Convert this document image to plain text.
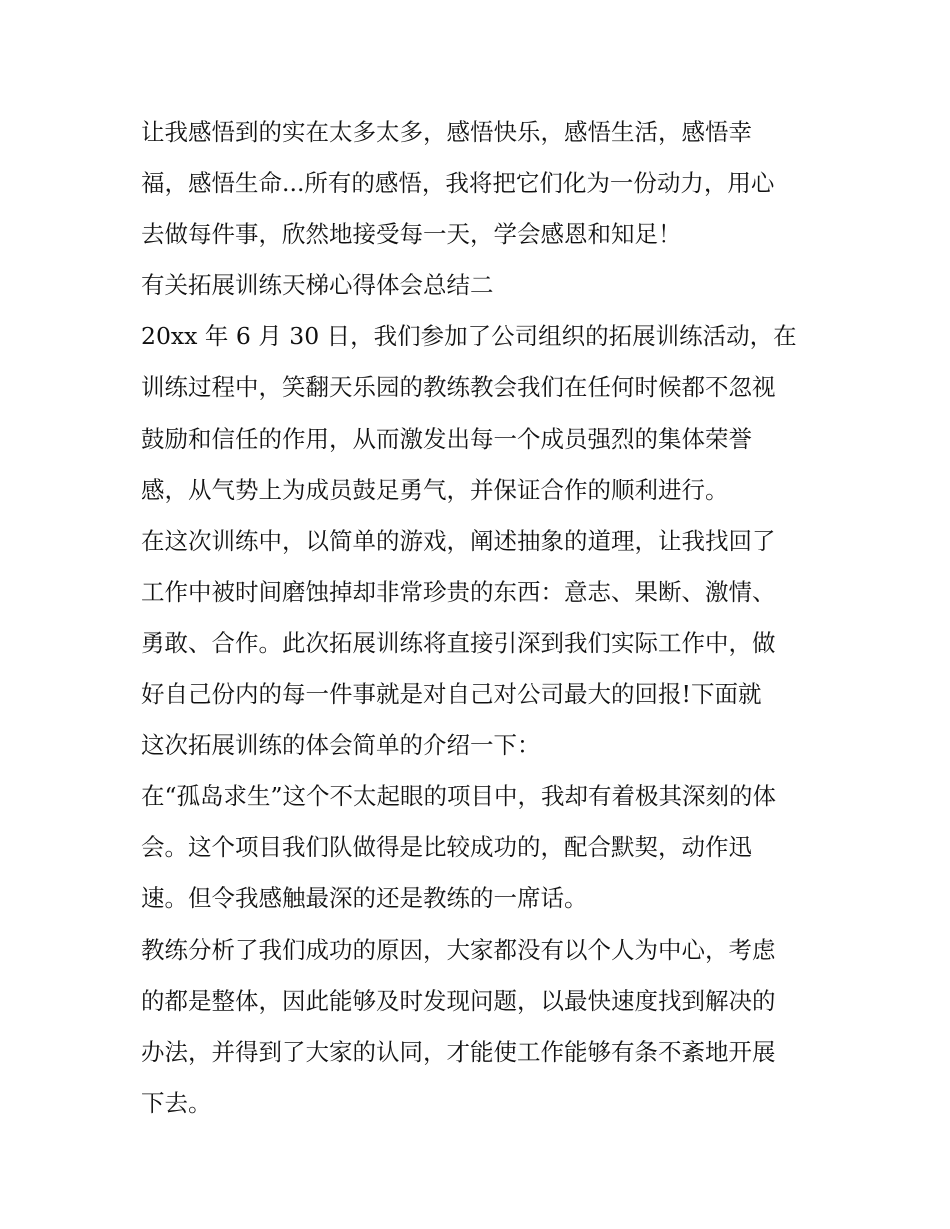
让我感悟到的实在太多太多，感悟快乐，感悟生活，感悟幸
福，感悟生命...所有的感悟，我将把它们化为一份动力，用心
去做每件事，欣然地接受每一天，学会感恩和知足！
有关拓展训练天梯心得体会总结二
20xx 年 6 月 30 日，我们参加了公司组织的拓展训练活动，在
训练过程中，笑翻天乐园的教练教会我们在任何时候都不忽视
鼓励和信任的作用，从而激发出每一个成员强烈的集体荣誉
感，从气势上为成员鼓足勇气，并保证合作的顺利进行。
在这次训练中，以简单的游戏，阐述抽象的道理，让我找回了
工作中被时间磨蚀掉却非常珍贵的东西：意志、果断、激情、
勇敢、合作。此次拓展训练将直接引深到我们实际工作中，做
好自己份内的每一件事就是对自己对公司最大的回报!下面就
这次拓展训练的体会简单的介绍一下：
在“孤岛求生”这个不太起眼的项目中，我却有着极其深刻的体
会。这个项目我们队做得是比较成功的，配合默契，动作迅
速。但令我感触最深的还是教练的一席话。
教练分析了我们成功的原因，大家都没有以个人为中心，考虑
的都是整体，因此能够及时发现问题，以最快速度找到解决的
办法，并得到了大家的认同，才能使工作能够有条不紊地开展
下去。
